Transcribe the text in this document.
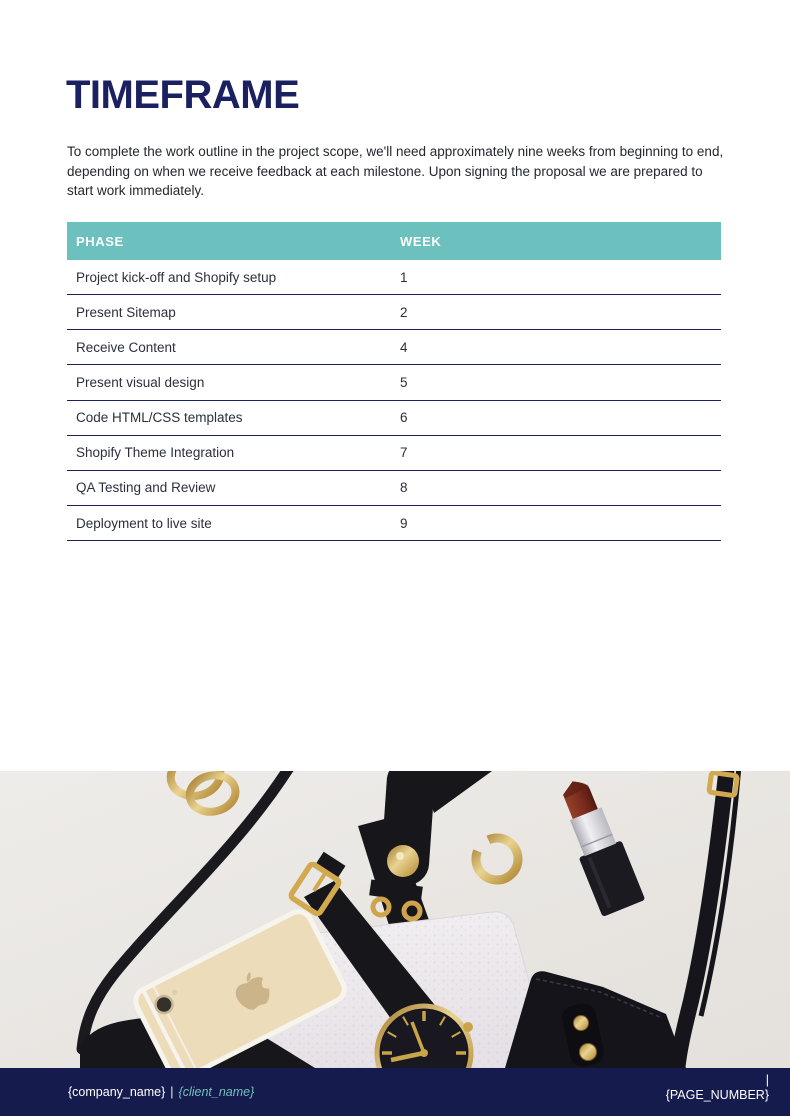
TIMEFRAME

To complete the work outline in the project scope, we'll need approximately nine weeks from beginning to end, depending on when we receive feedback at each milestone. Upon signing the proposal we are prepared to start work immediately.

PHASE	WEEK
Project kick-off and Shopify setup	1
Present Sitemap	2
Receive Content	4
Present visual design	5
Code HTML/CSS templates	6
Shopify Theme Integration	7
QA Testing and Review	8
Deployment to live site	9
{company_name} | {client_name}
|
{PAGE_NUMBER}
